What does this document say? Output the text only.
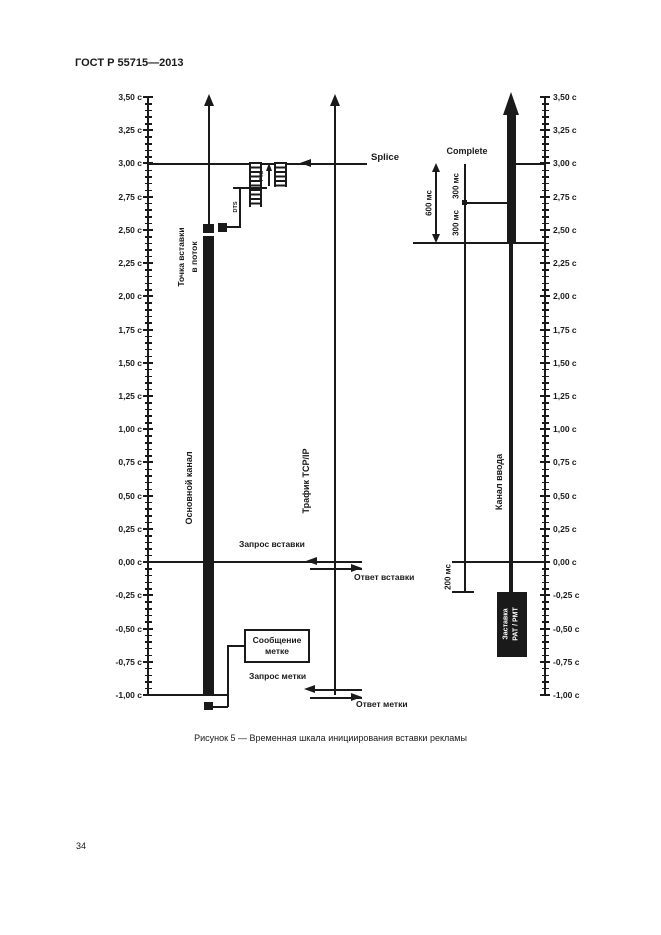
ГОСТ Р 55715—2013
Точка вставки в поток
Основной канал	Трафик TCP/IP	Канал ввода
Splice
PTS
DTS
Complete
600 мс
300 мс
300 мс
Запрос вставки
Ответ вставки	200 мс
Заставка PAT / PMT
Сообщение
метке
Запрос метки
Ответ метки
Рисунок 5 — Временная шкала инициирования вставки рекламы
3,50 с
3,25 с
3,00 с
2,75 с
2,50 с
2,25 с
2,00 с
1,75 с
1,50 с
1,25 с
1,00 с
0,75 с
0,50 с
0,25 с
0,00 с
-0,25 с
-0,50 с
-0,75 с
-1,00 с
3,50 с
3,25 с
3,00 с
2,75 с
2,50 с
2,25 с
2,00 с
1,75 с
1,50 с
1,25 с
1,00 с
0,75 с
0,50 с
0,25 с
0,00 с
-0,25 с
-0,50 с
-0,75 с
-1,00 с
34
